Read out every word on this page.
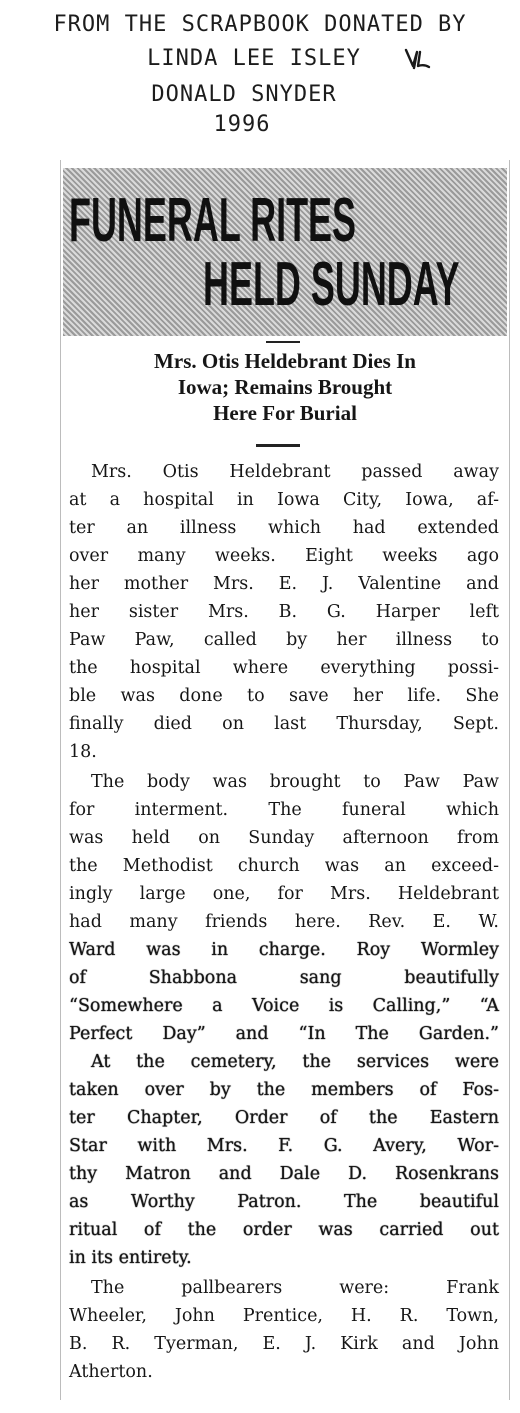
FROM THE SCRAPBOOK DONATED BY
LINDA LEE ISLEY
DONALD SNYDER
1996
FUNERAL RITES
HELD SUNDAY
Mrs. Otis Heldebrant Dies In
Iowa; Remains Brought
Here For Burial
Mrs. Otis Heldebrant passed away
at a hospital in Iowa City, Iowa, af-
ter an illness which had extended
over many weeks. Eight weeks ago
her mother Mrs. E. J. Valentine and
her sister Mrs. B. G. Harper left
Paw Paw, called by her illness to
the hospital where everything possi-
ble was done to save her life. She
finally died on last Thursday, Sept.
18.
The body was brought to Paw Paw
for interment. The funeral which
was held on Sunday afternoon from
the Methodist church was an exceed-
ingly large one, for Mrs. Heldebrant
had many friends here. Rev. E. W.
Ward was in charge. Roy Wormley
of Shabbona sang beautifully
“Somewhere a Voice is Calling,” “A
Perfect Day” and “In The Garden.”
At the cemetery, the services were
taken over by the members of Fos-
ter Chapter, Order of the Eastern
Star with Mrs. F. G. Avery, Wor-
thy Matron and Dale D. Rosenkrans
as Worthy Patron. The beautiful
ritual of the order was carried out
in its entirety.
The pallbearers were: Frank
Wheeler, John Prentice, H. R. Town,
B. R. Tyerman, E. J. Kirk and John
Atherton.
